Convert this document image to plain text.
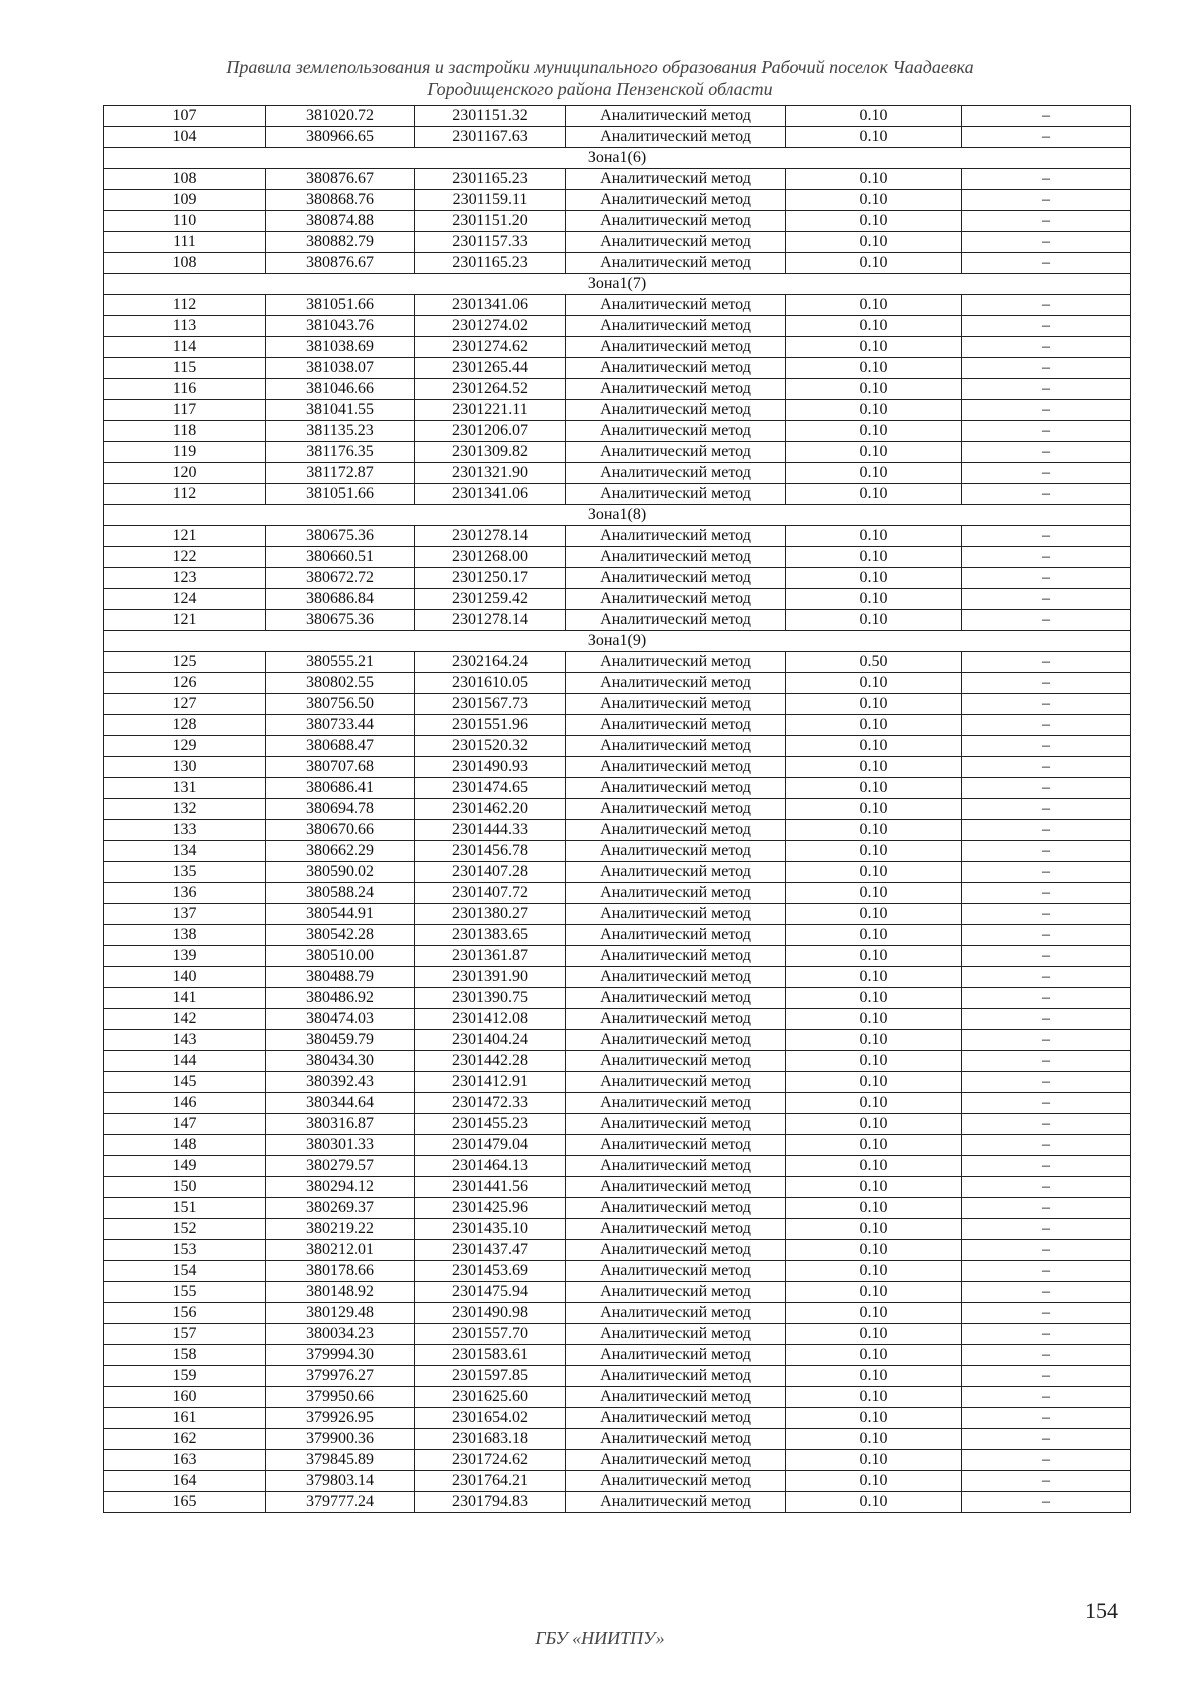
Правила землепользования и застройки муниципального образования Рабочий поселок Чаадаевка
Городищенского района Пензенской области
107	381020.72	2301151.32	Аналитический метод	0.10	–
104	380966.65	2301167.63	Аналитический метод	0.10	–
Зона1(6)					
108	380876.67	2301165.23	Аналитический метод	0.10	–
109	380868.76	2301159.11	Аналитический метод	0.10	–
110	380874.88	2301151.20	Аналитический метод	0.10	–
111	380882.79	2301157.33	Аналитический метод	0.10	–
108	380876.67	2301165.23	Аналитический метод	0.10	–
Зона1(7)					
112	381051.66	2301341.06	Аналитический метод	0.10	–
113	381043.76	2301274.02	Аналитический метод	0.10	–
114	381038.69	2301274.62	Аналитический метод	0.10	–
115	381038.07	2301265.44	Аналитический метод	0.10	–
116	381046.66	2301264.52	Аналитический метод	0.10	–
117	381041.55	2301221.11	Аналитический метод	0.10	–
118	381135.23	2301206.07	Аналитический метод	0.10	–
119	381176.35	2301309.82	Аналитический метод	0.10	–
120	381172.87	2301321.90	Аналитический метод	0.10	–
112	381051.66	2301341.06	Аналитический метод	0.10	–
Зона1(8)					
121	380675.36	2301278.14	Аналитический метод	0.10	–
122	380660.51	2301268.00	Аналитический метод	0.10	–
123	380672.72	2301250.17	Аналитический метод	0.10	–
124	380686.84	2301259.42	Аналитический метод	0.10	–
121	380675.36	2301278.14	Аналитический метод	0.10	–
Зона1(9)					
125	380555.21	2302164.24	Аналитический метод	0.50	–
126	380802.55	2301610.05	Аналитический метод	0.10	–
127	380756.50	2301567.73	Аналитический метод	0.10	–
128	380733.44	2301551.96	Аналитический метод	0.10	–
129	380688.47	2301520.32	Аналитический метод	0.10	–
130	380707.68	2301490.93	Аналитический метод	0.10	–
131	380686.41	2301474.65	Аналитический метод	0.10	–
132	380694.78	2301462.20	Аналитический метод	0.10	–
133	380670.66	2301444.33	Аналитический метод	0.10	–
134	380662.29	2301456.78	Аналитический метод	0.10	–
135	380590.02	2301407.28	Аналитический метод	0.10	–
136	380588.24	2301407.72	Аналитический метод	0.10	–
137	380544.91	2301380.27	Аналитический метод	0.10	–
138	380542.28	2301383.65	Аналитический метод	0.10	–
139	380510.00	2301361.87	Аналитический метод	0.10	–
140	380488.79	2301391.90	Аналитический метод	0.10	–
141	380486.92	2301390.75	Аналитический метод	0.10	–
142	380474.03	2301412.08	Аналитический метод	0.10	–
143	380459.79	2301404.24	Аналитический метод	0.10	–
144	380434.30	2301442.28	Аналитический метод	0.10	–
145	380392.43	2301412.91	Аналитический метод	0.10	–
146	380344.64	2301472.33	Аналитический метод	0.10	–
147	380316.87	2301455.23	Аналитический метод	0.10	–
148	380301.33	2301479.04	Аналитический метод	0.10	–
149	380279.57	2301464.13	Аналитический метод	0.10	–
150	380294.12	2301441.56	Аналитический метод	0.10	–
151	380269.37	2301425.96	Аналитический метод	0.10	–
152	380219.22	2301435.10	Аналитический метод	0.10	–
153	380212.01	2301437.47	Аналитический метод	0.10	–
154	380178.66	2301453.69	Аналитический метод	0.10	–
155	380148.92	2301475.94	Аналитический метод	0.10	–
156	380129.48	2301490.98	Аналитический метод	0.10	–
157	380034.23	2301557.70	Аналитический метод	0.10	–
158	379994.30	2301583.61	Аналитический метод	0.10	–
159	379976.27	2301597.85	Аналитический метод	0.10	–
160	379950.66	2301625.60	Аналитический метод	0.10	–
161	379926.95	2301654.02	Аналитический метод	0.10	–
162	379900.36	2301683.18	Аналитический метод	0.10	–
163	379845.89	2301724.62	Аналитический метод	0.10	–
164	379803.14	2301764.21	Аналитический метод	0.10	–
165	379777.24	2301794.83	Аналитический метод	0.10	–
154
ГБУ «НИИТПУ»
